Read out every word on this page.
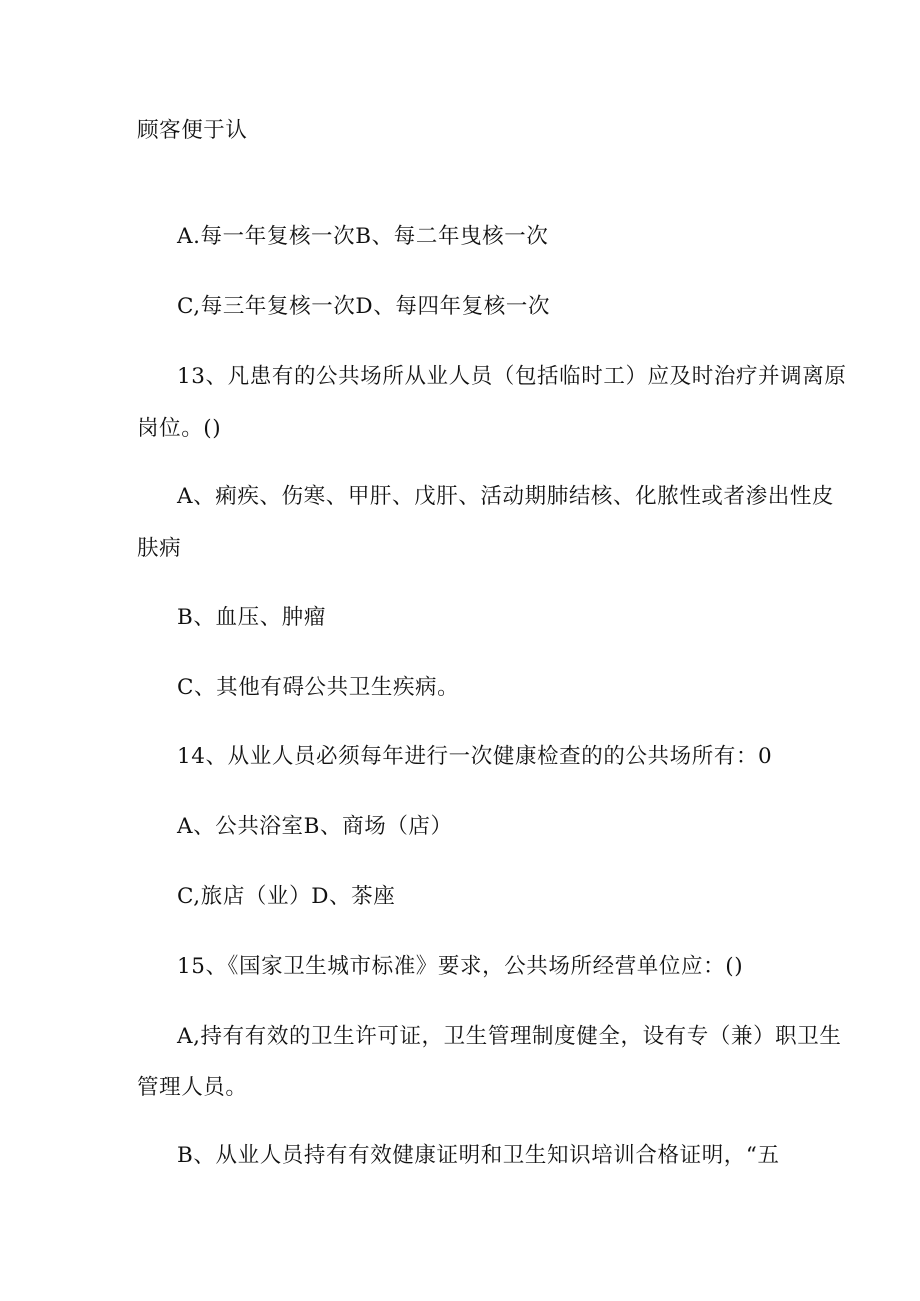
顾客便于认
A.每一年复核一次B、每二年曳核一次
C,每三年复核一次D、每四年复核一次
13、凡患有的公共场所从业人员（包括临时工）应及时治疗并调离原
岗位。()
A、痢疾、伤寒、甲肝、戊肝、活动期肺结核、化脓性或者渗出性皮
肤病
B、血压、肿瘤
C、其他有碍公共卫生疾病。
14、从业人员必须每年进行一次健康检查的的公共场所有：0
A、公共浴室B、商场（店）
C,旅店（业）D、茶座
15、《国家卫生城市标准》要求，公共场所经营单位应：()
A,持有有效的卫生许可证，卫生管理制度健全，设有专（兼）职卫生
管理人员。
B、从业人员持有有效健康证明和卫生知识培训合格证明，“五
